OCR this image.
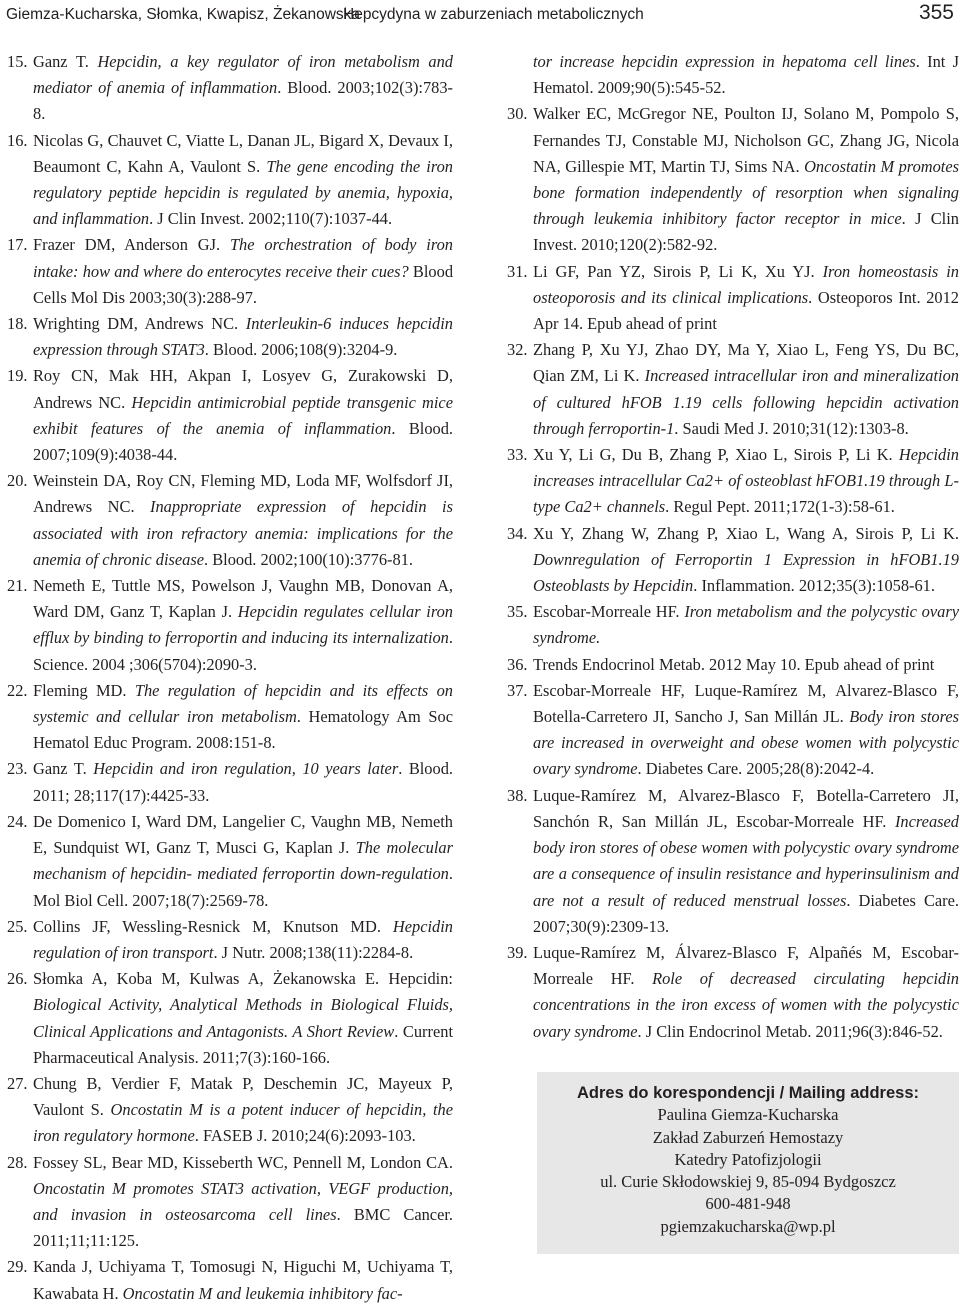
Giemza-Kucharska, Słomka, Kwapisz, Żekanowska
Hepcydyna w zaburzeniach metabolicznych	355
15. Ganz T. Hepcidin, a key regulator of iron metabolism and mediator of anemia of inflammation. Blood. 2003;102(3):783-8.
16. Nicolas G, Chauvet C, Viatte L, Danan JL, Bigard X, Devaux I, Beaumont C, Kahn A, Vaulont S. The gene encoding the iron regulatory peptide hepcidin is regulated by anemia, hypoxia, and inflammation. J Clin Invest. 2002;110(7):1037-44.
17. Frazer DM, Anderson GJ. The orchestration of body iron intake: how and where do enterocytes receive their cues? Blood Cells Mol Dis 2003;30(3):288-97.
18. Wrighting DM, Andrews NC. Interleukin-6 induces hepcidin expression through STAT3. Blood. 2006;108(9):3204-9.
19. Roy CN, Mak HH, Akpan I, Losyev G, Zurakowski D, Andrews NC. Hepcidin antimicrobial peptide transgenic mice exhibit features of the anemia of inflammation. Blood. 2007;109(9):4038-44.
20. Weinstein DA, Roy CN, Fleming MD, Loda MF, Wolfsdorf JI, Andrews NC. Inappropriate expression of hepcidin is associated with iron refractory anemia: implications for the anemia of chronic disease. Blood. 2002;100(10):3776-81.
21. Nemeth E, Tuttle MS, Powelson J, Vaughn MB, Donovan A, Ward DM, Ganz T, Kaplan J. Hepcidin regulates cellular iron efflux by binding to ferroportin and inducing its internalization. Science. 2004 ;306(5704):2090-3.
22. Fleming MD. The regulation of hepcidin and its effects on systemic and cellular iron metabolism. Hematology Am Soc Hematol Educ Program. 2008:151-8.
23. Ganz T. Hepcidin and iron regulation, 10 years later. Blood. 2011; 28;117(17):4425-33.
24. De Domenico I, Ward DM, Langelier C, Vaughn MB, Nemeth E, Sundquist WI, Ganz T, Musci G, Kaplan J. The molecular mechanism of hepcidin- mediated ferroportin down-regulation. Mol Biol Cell. 2007;18(7):2569-78.
25. Collins JF, Wessling-Resnick M, Knutson MD. Hepcidin regulation of iron transport. J Nutr. 2008;138(11):2284-8.
26. Słomka A, Koba M, Kulwas A, Żekanowska E. Hepcidin: Biological Activity, Analytical Methods in Biological Fluids, Clinical Applications and Antagonists. A Short Review. Current Pharmaceutical Analysis. 2011;7(3):160-166.
27. Chung B, Verdier F, Matak P, Deschemin JC, Mayeux P, Vaulont S. Oncostatin M is a potent inducer of hepcidin, the iron regulatory hormone. FASEB J. 2010;24(6):2093-103.
28. Fossey SL, Bear MD, Kisseberth WC, Pennell M, London CA. Oncostatin M promotes STAT3 activation, VEGF production, and invasion in osteosarcoma cell lines. BMC Cancer. 2011;11;11:125.
29. Kanda J, Uchiyama T, Tomosugi N, Higuchi M, Uchiyama T, Kawabata H. Oncostatin M and leukemia inhibitory fac-
tor increase hepcidin expression in hepatoma cell lines. Int J Hematol. 2009;90(5):545-52.
30. Walker EC, McGregor NE, Poulton IJ, Solano M, Pompolo S, Fernandes TJ, Constable MJ, Nicholson GC, Zhang JG, Nicola NA, Gillespie MT, Martin TJ, Sims NA. Oncostatin M promotes bone formation independently of resorption when signaling through leukemia inhibitory factor receptor in mice. J Clin Invest. 2010;120(2):582-92.
31. Li GF, Pan YZ, Sirois P, Li K, Xu YJ. Iron homeostasis in osteoporosis and its clinical implications. Osteoporos Int. 2012 Apr 14. Epub ahead of print
32. Zhang P, Xu YJ, Zhao DY, Ma Y, Xiao L, Feng YS, Du BC, Qian ZM, Li K. Increased intracellular iron and mineralization of cultured hFOB 1.19 cells following hepcidin activation through ferroportin-1. Saudi Med J. 2010;31(12):1303-8.
33. Xu Y, Li G, Du B, Zhang P, Xiao L, Sirois P, Li K. Hepcidin increases intracellular Ca2+ of osteoblast hFOB1.19 through L-type Ca2+ channels. Regul Pept. 2011;172(1-3):58-61.
34. Xu Y, Zhang W, Zhang P, Xiao L, Wang A, Sirois P, Li K. Downregulation of Ferroportin 1 Expression in hFOB1.19 Osteoblasts by Hepcidin. Inflammation. 2012;35(3):1058-61.
35. Escobar-Morreale HF. Iron metabolism and the polycystic ovary syndrome.
36. Trends Endocrinol Metab. 2012 May 10. Epub ahead of print
37. Escobar-Morreale HF, Luque-Ramírez M, Alvarez-Blasco F, Botella-Carretero JI, Sancho J, San Millán JL. Body iron stores are increased in overweight and obese women with polycystic ovary syndrome. Diabetes Care. 2005;28(8):2042-4.
38. Luque-Ramírez M, Alvarez-Blasco F, Botella-Carretero JI, Sanchón R, San Millán JL, Escobar-Morreale HF. Increased body iron stores of obese women with polycystic ovary syndrome are a consequence of insulin resistance and hyperinsulinism and are not a result of reduced menstrual losses. Diabetes Care. 2007;30(9):2309-13.
39. Luque-Ramírez M, Álvarez-Blasco F, Alpañés M, Escobar-Morreale HF. Role of decreased circulating hepcidin concentrations in the iron excess of women with the polycystic ovary syndrome. J Clin Endocrinol Metab. 2011;96(3):846-52.
Adres do korespondencji / Mailing address:
Paulina Giemza-Kucharska
Zakład Zaburzeń Hemostazy
Katedry Patofizjologii
ul. Curie Skłodowskiej 9, 85-094 Bydgoszcz
600-481-948
pgiemzakucharska@wp.pl
